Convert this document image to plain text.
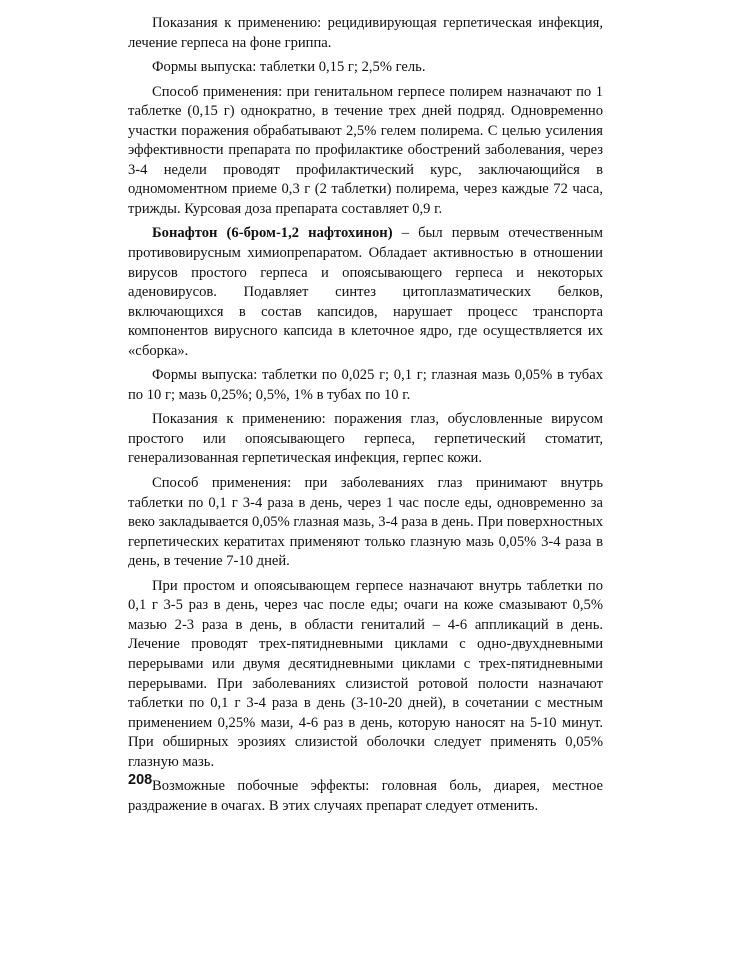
Показания к применению: рецидивирующая герпетическая инфекция, лечение герпеса на фоне гриппа.

Формы выпуска: таблетки 0,15 г; 2,5% гель.

Способ применения: при генитальном герпесе полирем назначают по 1 таблетке (0,15 г) однократно, в течение трех дней подряд. Одновременно участки поражения обрабатывают 2,5% гелем полирема. С целью усиления эффективности препарата по профилактике обострений заболевания, через 3-4 недели проводят профилактический курс, заключающийся в одномоментном приеме 0,3 г (2 таблетки) полирема, через каждые 72 часа, трижды. Курсовая доза препарата составляет 0,9 г.

Бонафтон (6-бром-1,2 нафтохинон) – был первым отечественным противовирусным химиопрепаратом. Обладает активностью в отношении вирусов простого герпеса и опоясывающего герпеса и некоторых аденовирусов. Подавляет синтез цитоплазматических белков, включающихся в состав капсидов, нарушает процесс транспорта компонентов вирусного капсида в клеточное ядро, где осуществляется их «сборка».

Формы выпуска: таблетки по 0,025 г; 0,1 г; глазная мазь 0,05% в тубах по 10 г; мазь 0,25%; 0,5%, 1% в тубах по 10 г.

Показания к применению: поражения глаз, обусловленные вирусом простого или опоясывающего герпеса, герпетический стоматит, генерализованная герпетическая инфекция, герпес кожи.

Способ применения: при заболеваниях глаз принимают внутрь таблетки по 0,1 г 3-4 раза в день, через 1 час после еды, одновременно за веко закладывается 0,05% глазная мазь, 3-4 раза в день. При поверхностных герпетических кератитах применяют только глазную мазь 0,05% 3-4 раза в день, в течение 7-10 дней.

При простом и опоясывающем герпесе назначают внутрь таблетки по 0,1 г 3-5 раз в день, через час после еды; очаги на коже смазывают 0,5% мазью 2-3 раза в день, в области гениталий – 4-6 аппликаций в день. Лечение проводят трех-пятидневными циклами с одно-двухдневными перерывами или двумя десятидневными циклами с трех-пятидневными перерывами. При заболеваниях слизистой ротовой полости назначают таблетки по 0,1 г 3-4 раза в день (3-10-20 дней), в сочетании с местным применением 0,25% мази, 4-6 раз в день, которую наносят на 5-10 минут. При обширных эрозиях слизистой оболочки следует применять 0,05% глазную мазь.

Возможные побочные эффекты: головная боль, диарея, местное раздражение в очагах. В этих случаях препарат следует отменить.

208
